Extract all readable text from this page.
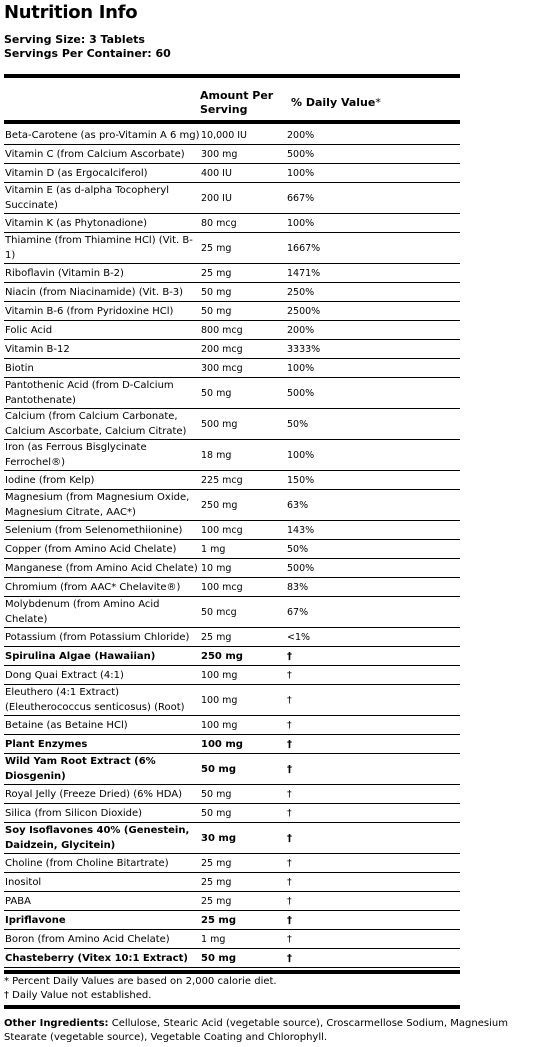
Nutrition Info
Serving Size: 3 Tablets
Servings Per Container: 60
Amount Per
Serving
% Daily Value*
Beta-Carotene (as pro-Vitamin A 6 mg)	10,000 IU	200%
Vitamin C (from Calcium Ascorbate)	300 mg	500%
Vitamin D (as Ergocalciferol)	400 IU	100%
Vitamin E (as d-alpha Tocopheryl Succinate)	200 IU	667%
Vitamin K (as Phytonadione)	80 mcg	100%
Thiamine (from Thiamine HCl) (Vit. B-1)	25 mg	1667%
Riboflavin (Vitamin B-2)	25 mg	1471%
Niacin (from Niacinamide) (Vit. B-3)	50 mg	250%
Vitamin B-6 (from Pyridoxine HCl)	50 mg	2500%
Folic Acid	800 mcg	200%
Vitamin B-12	200 mcg	3333%
Biotin	300 mcg	100%
Pantothenic Acid (from D-Calcium Pantothenate)	50 mg	500%
Calcium (from Calcium Carbonate, Calcium Ascorbate, Calcium Citrate)	500 mg	50%
Iron (as Ferrous Bisglycinate Ferrochel®)	18 mg	100%
Iodine (from Kelp)	225 mcg	150%
Magnesium (from Magnesium Oxide, Magnesium Citrate, AAC*)	250 mg	63%
Selenium (from Selenomethiionine)	100 mcg	143%
Copper (from Amino Acid Chelate)	1 mg	50%
Manganese (from Amino Acid Chelate)	10 mg	500%
Chromium (from AAC* Chelavite®)	100 mcg	83%
Molybdenum (from Amino Acid Chelate)	50 mcg	67%
Potassium (from Potassium Chloride)	25 mg	<1%
Spirulina Algae (Hawaiian)	250 mg	†
Dong Quai Extract (4:1)	100 mg	†
Eleuthero (4:1 Extract) (Eleutherococcus senticosus) (Root)	100 mg	†
Betaine (as Betaine HCl)	100 mg	†
Plant Enzymes	100 mg	†
Wild Yam Root Extract (6% Diosgenin)	50 mg	†
Royal Jelly (Freeze Dried) (6% HDA)	50 mg	†
Silica (from Silicon Dioxide)	50 mg	†
Soy Isoflavones 40% (Genestein, Daidzein, Glycitein)	30 mg	†
Choline (from Choline Bitartrate)	25 mg	†
Inositol	25 mg	†
PABA	25 mg	†
Ipriflavone	25 mg	†
Boron (from Amino Acid Chelate)	1 mg	†
Chasteberry (Vitex 10:1 Extract)	50 mg	†
* Percent Daily Values are based on 2,000 calorie diet.
† Daily Value not established.
Other Ingredients: Cellulose, Stearic Acid (vegetable source), Croscarmellose Sodium, Magnesium Stearate (vegetable source), Vegetable Coating and Chlorophyll.
